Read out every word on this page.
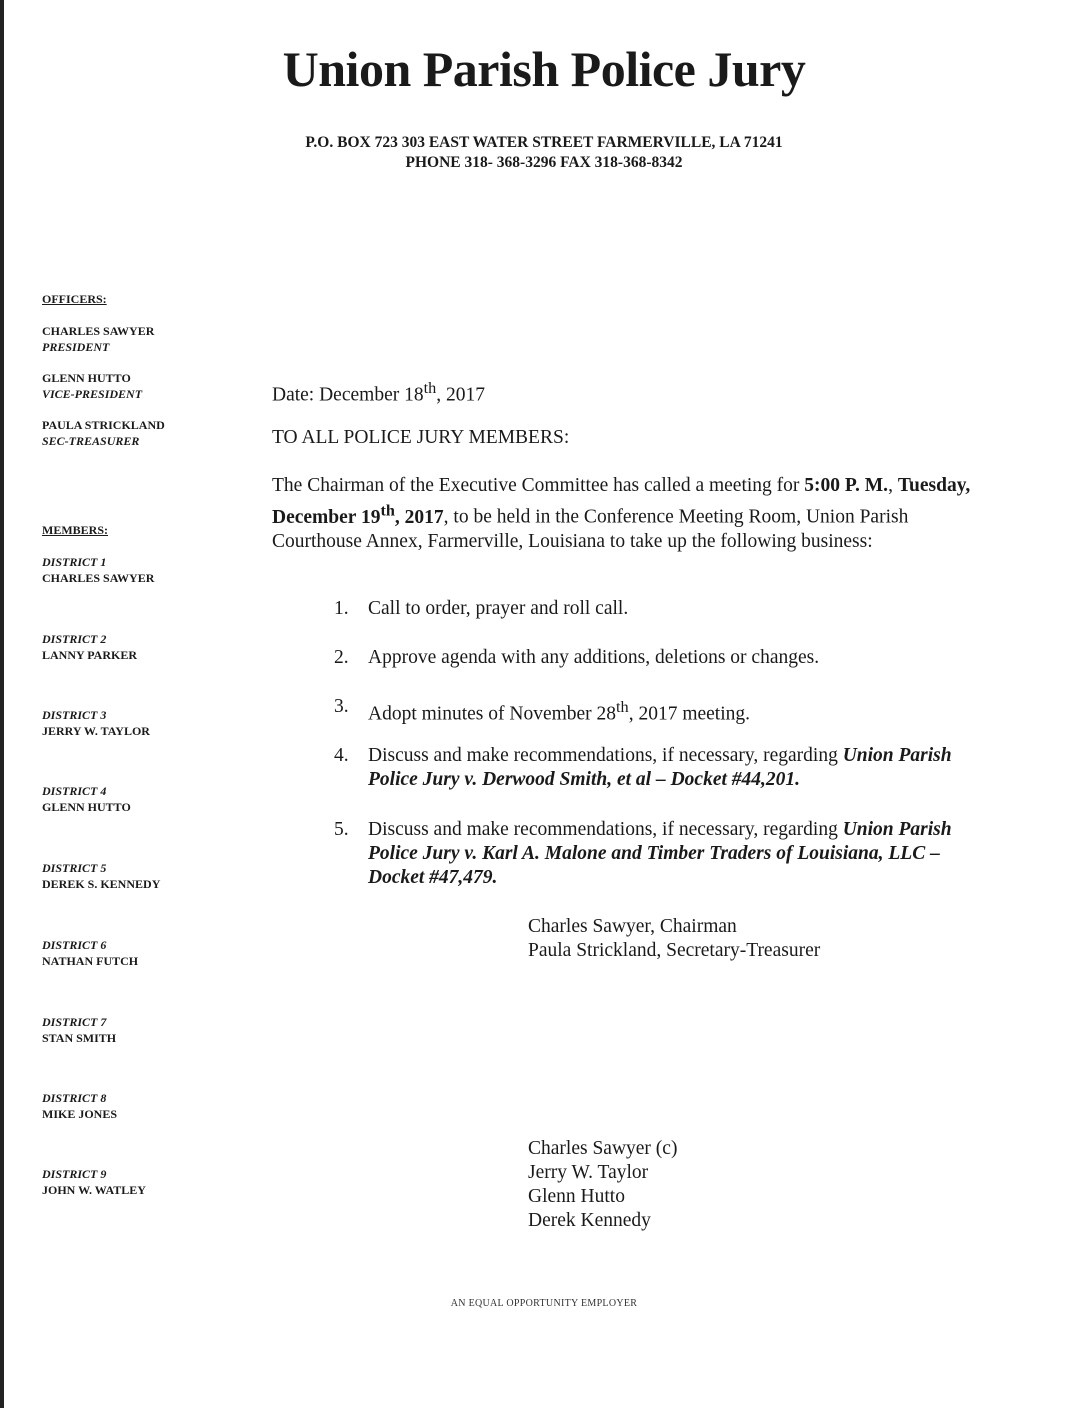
Union Parish Police Jury
P.O. BOX 723 303 EAST WATER STREET FARMERVILLE, LA 71241
PHONE 318- 368-3296 FAX 318-368-8342
OFFICERS:
CHARLES SAWYER
PRESIDENT
GLENN HUTTO
VICE-PRESIDENT
PAULA STRICKLAND
SEC-TREASURER
MEMBERS:
DISTRICT 1
CHARLES SAWYER
DISTRICT 2
LANNY PARKER
DISTRICT 3
JERRY W. TAYLOR
DISTRICT 4
GLENN HUTTO
DISTRICT 5
DEREK S. KENNEDY
DISTRICT 6
NATHAN FUTCH
DISTRICT 7
STAN SMITH
DISTRICT 8
MIKE JONES
DISTRICT 9
JOHN W. WATLEY
Date: December 18th, 2017
TO ALL POLICE JURY MEMBERS:
The Chairman of the Executive Committee has called a meeting for 5:00 P. M., Tuesday, December 19th, 2017, to be held in the Conference Meeting Room, Union Parish Courthouse Annex, Farmerville, Louisiana to take up the following business:
1. Call to order, prayer and roll call.
2. Approve agenda with any additions, deletions or changes.
3. Adopt minutes of November 28th, 2017 meeting.
4. Discuss and make recommendations, if necessary, regarding Union Parish Police Jury v. Derwood Smith, et al – Docket #44,201.
5. Discuss and make recommendations, if necessary, regarding Union Parish Police Jury v. Karl A. Malone and Timber Traders of Louisiana, LLC – Docket #47,479.
Charles Sawyer, Chairman
Paula Strickland, Secretary-Treasurer
Charles Sawyer (c)
Jerry W. Taylor
Glenn Hutto
Derek Kennedy
AN EQUAL OPPORTUNITY EMPLOYER
